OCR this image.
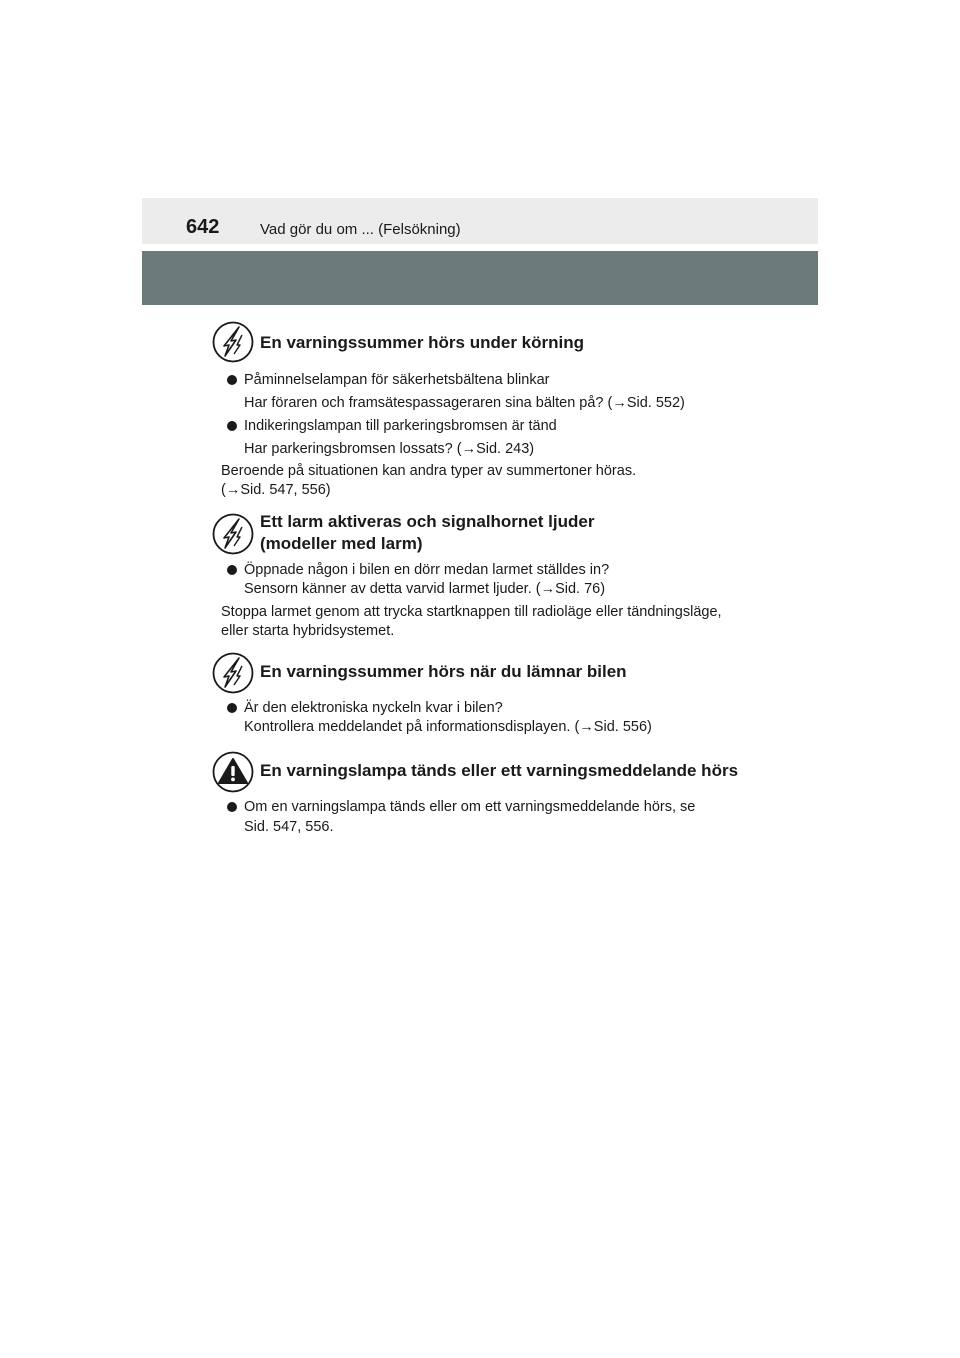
642	Vad gör du om ... (Felsökning)
En varningssummer hörs under körning
Påminnelselampan för säkerhetsbältena blinkar
Har föraren och framsätespassageraren sina bälten på? (→Sid. 552)
Indikeringslampan till parkeringsbromsen är tänd
Har parkeringsbromsen lossats? (→Sid. 243)
Beroende på situationen kan andra typer av summertoner höras.
(→Sid. 547, 556)
Ett larm aktiveras och signalhornet ljuder
(modeller med larm)
Öppnade någon i bilen en dörr medan larmet ställdes in?
Sensorn känner av detta varvid larmet ljuder. (→Sid. 76)
Stoppa larmet genom att trycka startknappen till radioläge eller tändningsläge,
eller starta hybridsystemet.
En varningssummer hörs när du lämnar bilen
Är den elektroniska nyckeln kvar i bilen?
Kontrollera meddelandet på informationsdisplayen. (→Sid. 556)
En varningslampa tänds eller ett varningsmeddelande hörs
Om en varningslampa tänds eller om ett varningsmeddelande hörs, se
Sid. 547, 556.
